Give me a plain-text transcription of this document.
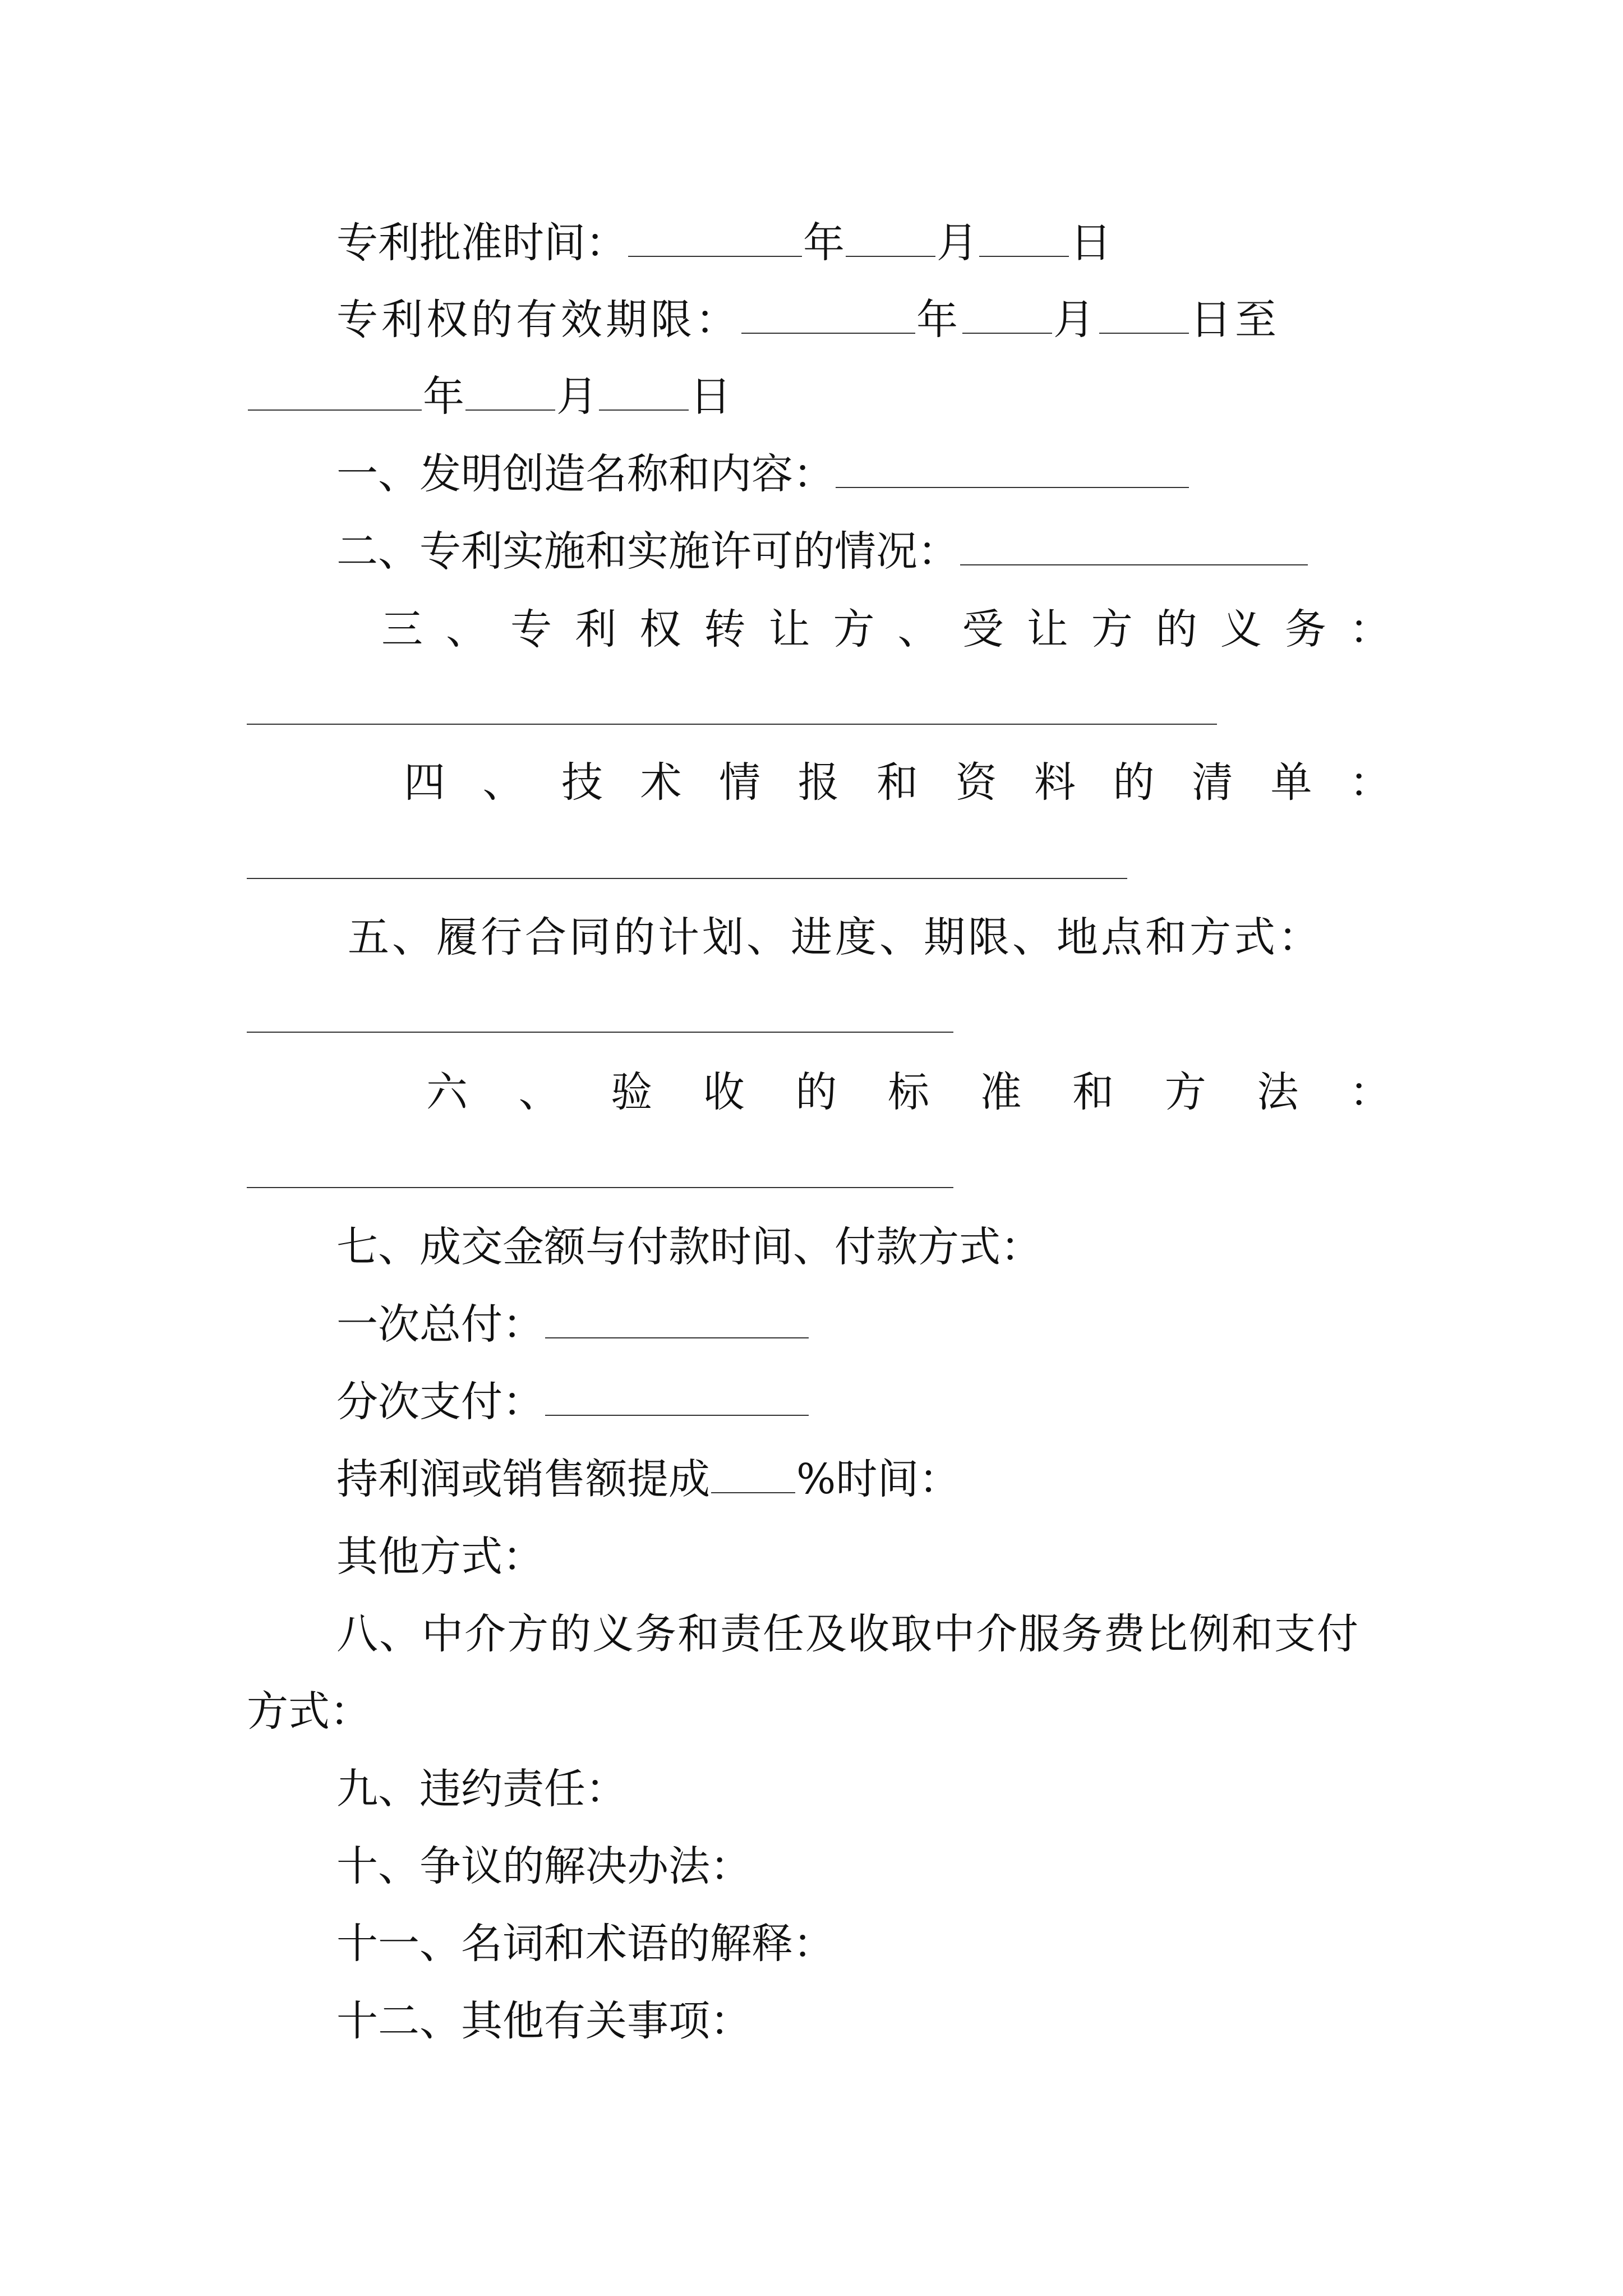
专利批准时间：	年 月 日
专利权的有效期限：	年 月 日至
年 月 日
一、发明创造名称和内容：
二、专利实施和实施许可的情况：
三 、 专 利 权 转 让 方 、 受 让 方 的 义 务 ：
四 、 技 术 情 报 和 资 料 的 清 单 ：
五、履行合同的计划、进度、期限、地点和方式：
六 、 验 收 的 标 准 和 方 法 ：
七、成交金额与付款时间、付款方式：
一次总付：
分次支付：
持利润或销售额提成 %时间：
其他方式：
八、中介方的义务和责任及收取中介服务费比例和支付
方式：
九、违约责任：
十、争议的解决办法：
十一、名词和术语的解释：
十二、其他有关事项：
